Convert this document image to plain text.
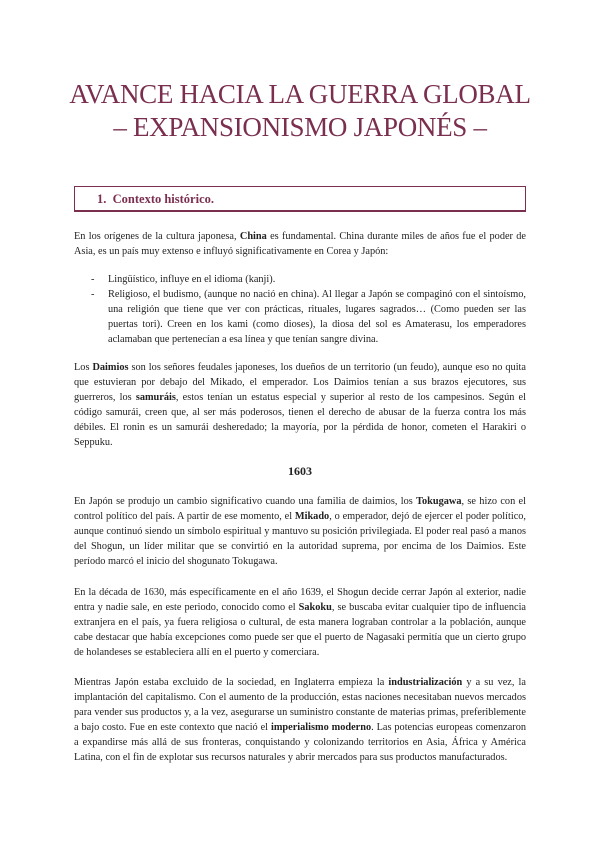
AVANCE HACIA LA GUERRA GLOBAL
– EXPANSIONISMO JAPONÉS –
1. Contexto histórico.

En los orígenes de la cultura japonesa, China es fundamental. China durante miles de años fue el poder de Asia, es un país muy extenso e influyó significativamente en Corea y Japón:

- Lingüístico, influye en el idioma (kanji).
- Religioso, el budismo, (aunque no nació en china). Al llegar a Japón se compaginó con el sintoísmo, una religión que tiene que ver con prácticas, rituales, lugares sagrados… (Como pueden ser las puertas tori). Creen en los kami (como dioses), la diosa del sol es Amaterasu, los emperadores aclamaban que pertenecían a esa línea y que tenían sangre divina.

Los Daimios son los señores feudales japoneses, los dueños de un territorio (un feudo), aunque eso no quita que estuvieran por debajo del Mikado, el emperador. Los Daimios tenían a sus brazos ejecutores, sus guerreros, los samuráis, estos tenían un estatus especial y superior al resto de los campesinos. Según el código samurái, creen que, al ser más poderosos, tienen el derecho de abusar de la fuerza contra los más débiles. El ronin es un samurái desheredado; la mayoría, por la pérdida de honor, cometen el Harakiri o Seppuku.

1603

En Japón se produjo un cambio significativo cuando una familia de daimios, los Tokugawa, se hizo con el control político del país. A partir de ese momento, el Mikado, o emperador, dejó de ejercer el poder político, aunque continuó siendo un símbolo espiritual y mantuvo su posición privilegiada. El poder real pasó a manos del Shogun, un líder militar que se convirtió en la autoridad suprema, por encima de los Daimios. Este período marcó el inicio del shogunato Tokugawa.

En la década de 1630, más específicamente en el año 1639, el Shogun decide cerrar Japón al exterior, nadie entra y nadie sale, en este periodo, conocido como el Sakoku, se buscaba evitar cualquier tipo de influencia extranjera en el país, ya fuera religiosa o cultural, de esta manera lograban controlar a la población, aunque cabe destacar que había excepciones como puede ser que el puerto de Nagasaki permitía que un cierto grupo de holandeses se estableciera allí en el puerto y comerciara.

Mientras Japón estaba excluido de la sociedad, en Inglaterra empieza la industrialización y a su vez, la implantación del capitalismo. Con el aumento de la producción, estas naciones necesitaban nuevos mercados para vender sus productos y, a la vez, asegurarse un suministro constante de materias primas, preferiblemente a bajo costo. Fue en este contexto que nació el imperialismo moderno. Las potencias europeas comenzaron a expandirse más allá de sus fronteras, conquistando y colonizando territorios en Asia, África y América Latina, con el fin de explotar sus recursos naturales y abrir mercados para sus productos manufacturados.
